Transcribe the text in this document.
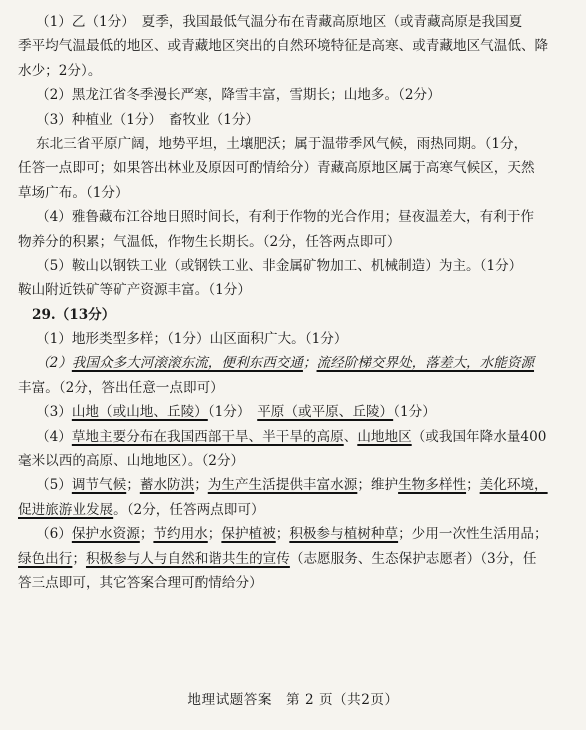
（1）乙（1分）　夏季，我国最低气温分布在青藏高原地区（或青藏高原是我国夏
季平均气温最低的地区、或青藏地区突出的自然环境特征是高寒、或青藏地区气温低、降
水少；2分）。
（2）黑龙江省冬季漫长严寒，降雪丰富，雪期长；山地多。（2分）
（3）种植业（1分）　畜牧业（1分）
东北三省平原广阔，地势平坦，土壤肥沃；属于温带季风气候，雨热同期。（1分，
任答一点即可；如果答出林业及原因可酌情给分）青藏高原地区属于高寒气候区，天然
草场广布。（1分）
（4）雅鲁藏布江谷地日照时间长，有利于作物的光合作用；昼夜温差大，有利于作
物养分的积累；气温低，作物生长期长。（2分，任答两点即可）
（5）鞍山以钢铁工业（或钢铁工业、非金属矿物加工、机械制造）为主。（1分）
鞍山附近铁矿等矿产资源丰富。（1分）
29.（13分）
（1）地形类型多样；（1分）山区面积广大。（1分）
（2）我国众多大河滚滚东流，便利东西交通；流经阶梯交界处，落差大，水能资源
丰富。（2分，答出任意一点即可）
（3）山地（或山地、丘陵）（1分）　平原（或平原、丘陵）（1分）
（4）草地主要分布在我国西部干旱、半干旱的高原、山地地区（或我国年降水量400
毫米以西的高原、山地地区）。（2分）
（5）调节气候；蓄水防洪；为生产生活提供丰富水源；维护生物多样性；美化环境，
促进旅游业发展。（2分，任答两点即可）
（6）保护水资源；节约用水；保护植被；积极参与植树种草；少用一次性生活用品；
绿色出行；积极参与人与自然和谐共生的宣传（志愿服务、生态保护志愿者）（3分，任
答三点即可，其它答案合理可酌情给分）
地理试题答案　第 2 页（共2页）
